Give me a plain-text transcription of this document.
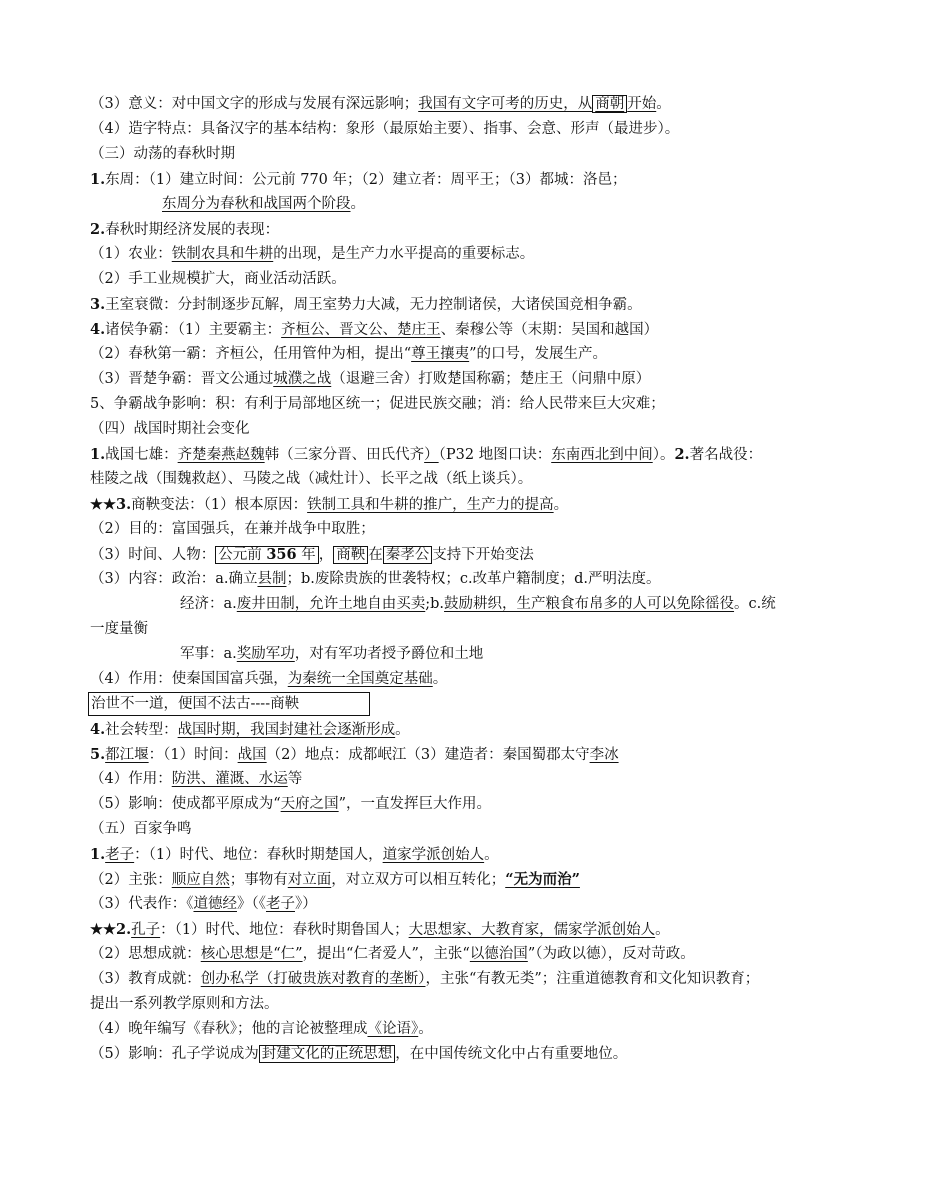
（3）意义：对中国文字的形成与发展有深远影响；我国有文字可考的历史，从 商朝 开始。
（4）造字特点：具备汉字的基本结构：象形（最原始主要）、指事、会意、形声（最进步）。
（三）动荡的春秋时期
1.东周：（1）建立时间：公元前 770 年；（2）建立者：周平王；（3）都城：洛邑；
东周分为春秋和战国两个阶段。
2.春秋时期经济发展的表现：
（1）农业：铁制农具和牛耕的出现，是生产力水平提高的重要标志。
（2）手工业规模扩大，商业活动活跃。
3.王室衰微：分封制逐步瓦解，周王室势力大减，无力控制诸侯，大诸侯国竞相争霸。
4.诸侯争霸：（1）主要霸主：齐桓公、晋文公、楚庄王、秦穆公等（末期：吴国和越国）
（2）春秋第一霸：齐桓公，任用管仲为相，提出“尊王攘夷”的口号，发展生产。
（3）晋楚争霸：晋文公通过城濮之战（退避三舍）打败楚国称霸；楚庄王（问鼎中原）
5、争霸战争影响：积：有利于局部地区统一；促进民族交融；消：给人民带来巨大灾难；
（四）战国时期社会变化
1.战国七雄：齐楚秦燕赵魏韩（三家分晋、田氏代齐）（P32 地图口诀：东南西北到中间）。2.著名战役：
桂陵之战（围魏救赵）、马陵之战（减灶计）、长平之战（纸上谈兵）。
★★3.商鞅变法：（1）根本原因：铁制工具和牛耕的推广，生产力的提高。
（2）目的：富国强兵，在兼并战争中取胜；
（3）时间、人物： 公元前 356 年 ， 商鞅 在 秦孝公 支持下开始变法
（3）内容：政治：a.确立县制；b.废除贵族的世袭特权；c.改革户籍制度；d.严明法度。
经济：a.废井田制，允许土地自由买卖;b.鼓励耕织，生产粮食布帛多的人可以免除徭役。c.统
一度量衡
军事：a.奖励军功，对有军功者授予爵位和土地
（4）作用：使秦国国富兵强，为秦统一全国奠定基础。
治世不一道，便国不法古----商鞅
4.社会转型：战国时期，我国封建社会逐渐形成。
5.都江堰：（1）时间：战国（2）地点：成都岷江（3）建造者：秦国蜀郡太守李冰
（4）作用：防洪、灌溉、水运等
（5）影响：使成都平原成为“天府之国”，一直发挥巨大作用。
（五）百家争鸣
1.老子：（1）时代、地位：春秋时期楚国人，道家学派创始人。
（2）主张：顺应自然；事物有对立面，对立双方可以相互转化；“无为而治”
（3）代表作：《道德经》（《老子》）
★★2.孔子：（1）时代、地位：春秋时期鲁国人；大思想家、大教育家，儒家学派创始人。
（2）思想成就：核心思想是“仁”，提出“仁者爱人”，主张“以德治国”（为政以德），反对苛政。
（3）教育成就：创办私学（打破贵族对教育的垄断），主张“有教无类”；注重道德教育和文化知识教育；
提出一系列教学原则和方法。
（4）晚年编写《春秋》；他的言论被整理成《论语》。
（5）影响：孔子学说成为 封建文化的正统思想 ，在中国传统文化中占有重要地位。
